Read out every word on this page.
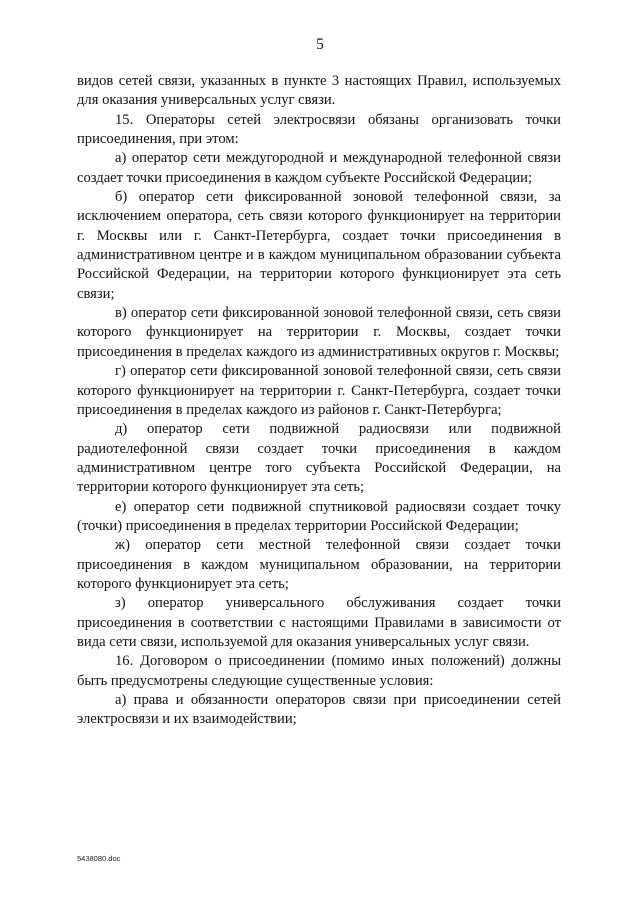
5

видов сетей связи, указанных в пункте 3 настоящих Правил, используемых для оказания универсальных услуг связи.

15. Операторы сетей электросвязи обязаны организовать точки присоединения, при этом:

а) оператор сети междугородной и международной телефонной связи создает точки присоединения в каждом субъекте Российской Федерации;

б) оператор сети фиксированной зоновой телефонной связи, за исключением оператора, сеть связи которого функционирует на территории г. Москвы или г. Санкт-Петербурга, создает точки присоединения в административном центре и в каждом муниципальном образовании субъекта Российской Федерации, на территории которого функционирует эта сеть связи;

в) оператор сети фиксированной зоновой телефонной связи, сеть связи которого функционирует на территории г. Москвы, создает точки присоединения в пределах каждого из административных округов г. Москвы;

г) оператор сети фиксированной зоновой телефонной связи, сеть связи которого функционирует на территории г. Санкт-Петербурга, создает точки присоединения в пределах каждого из районов г. Санкт-Петербурга;

д) оператор сети подвижной радиосвязи или подвижной радиотелефонной связи создает точки присоединения в каждом административном центре того субъекта Российской Федерации, на территории которого функционирует эта сеть;

е) оператор сети подвижной спутниковой радиосвязи создает точку (точки) присоединения в пределах территории Российской Федерации;

ж) оператор сети местной телефонной связи создает точки присоединения в каждом муниципальном образовании, на территории которого функционирует эта сеть;

з) оператор универсального обслуживания создает точки присоединения в соответствии с настоящими Правилами в зависимости от вида сети связи, используемой для оказания универсальных услуг связи.

16. Договором о присоединении (помимо иных положений) должны быть предусмотрены следующие существенные условия:

а) права и обязанности операторов связи при присоединении сетей электросвязи и их взаимодействии;

5438080.doc
